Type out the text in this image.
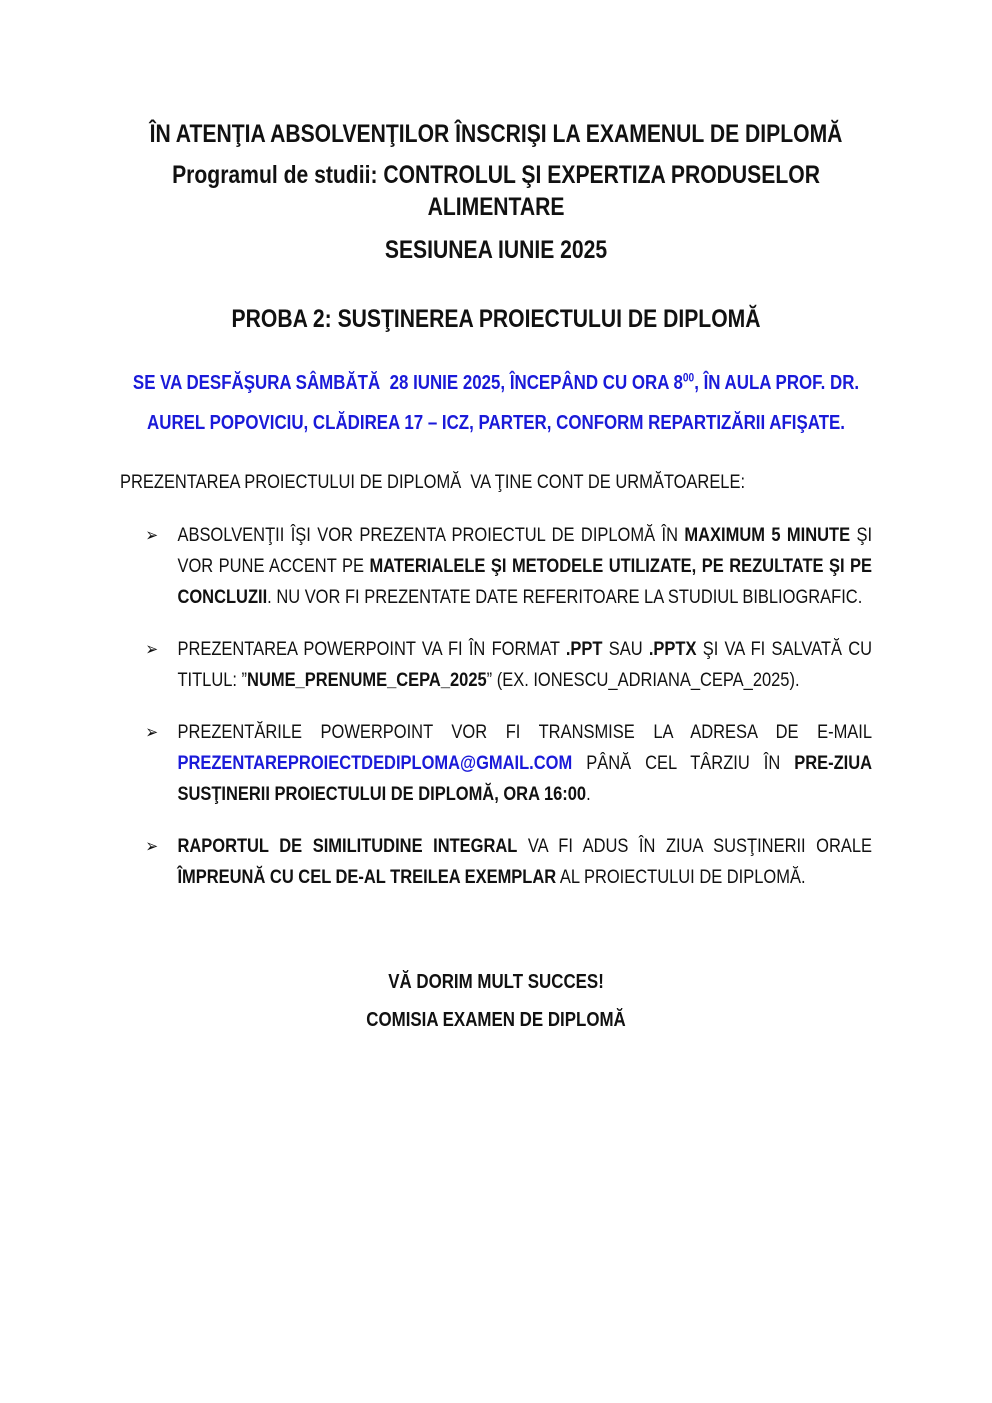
ÎN ATENŢIA ABSOLVENŢILOR ÎNSCRIŞI LA EXAMENUL DE DIPLOMĂ

Programul de studii: CONTROLUL ŞI EXPERTIZA PRODUSELOR ALIMENTARE

SESIUNEA IUNIE 2025

PROBA 2: SUSŢINEREA PROIECTULUI DE DIPLOMĂ

SE VA DESFĂŞURA SÂMBĂTĂ  28 IUNIE 2025, ÎNCEPÂND CU ORA $8^{00}$, ÎN AULA PROF. DR. AUREL POPOVICIU, CLĂDIREA 17 – ICZ, PARTER, CONFORM REPARTIZĂRII AFIŞATE.

PREZENTAREA PROIECTULUI DE DIPLOMĂ  VA ŢINE CONT DE URMĂTOARELE:

➢ ABSOLVENŢII ÎŞI VOR PREZENTA PROIECTUL DE DIPLOMĂ ÎN MAXIMUM 5 MINUTE ŞI VOR PUNE ACCENT PE MATERIALELE ŞI METODELE UTILIZATE, PE REZULTATE ŞI PE CONCLUZII. NU VOR FI PREZENTATE DATE REFERITOARE LA STUDIUL BIBLIOGRAFIC.
➢ PREZENTAREA POWERPOINT VA FI ÎN FORMAT .PPT SAU .PPTX ŞI VA FI SALVATĂ CU TITLUL: ”NUME_PRENUME_CEPA_2025” (EX. IONESCU_ADRIANA_CEPA_2025).
➢ PREZENTĂRILE POWERPOINT VOR FI TRANSMISE LA ADRESA DE E-MAIL PREZENTAREPROIECTDEDIPLOMA@GMAIL.COM PÂNĂ CEL TÂRZIU ÎN PRE-ZIUA SUSŢINERII PROIECTULUI DE DIPLOMĂ, ORA 16:00.
➢ RAPORTUL DE SIMILITUDINE INTEGRAL VA FI ADUS ÎN ZIUA SUSŢINERII ORALE ÎMPREUNĂ CU CEL DE-AL TREILEA EXEMPLAR AL PROIECTULUI DE DIPLOMĂ.

VĂ DORIM MULT SUCCES!

COMISIA EXAMEN DE DIPLOMĂ
